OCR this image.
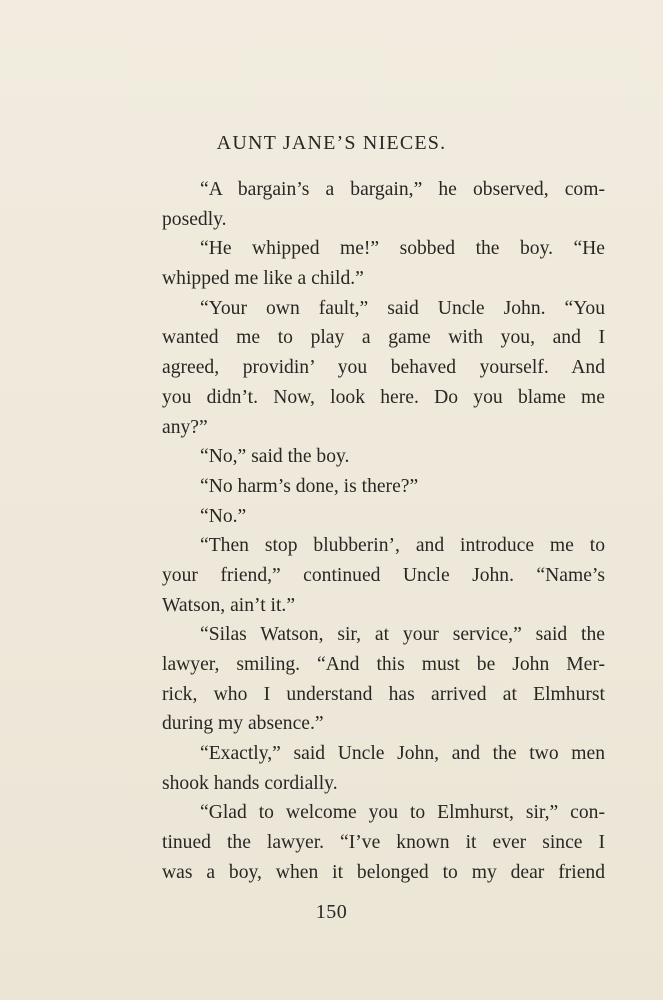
AUNT JANE’S NIECES.
“A bargain’s a bargain,” he observed, com-
posedly.
“He whipped me!” sobbed the boy. “He
whipped me like a child.”
“Your own fault,” said Uncle John. “You
wanted me to play a game with you, and I
agreed, providin’ you behaved yourself. And
you didn’t. Now, look here. Do you blame me
any?”
“No,” said the boy.
“No harm’s done, is there?”
“No.”
“Then stop blubberin’, and introduce me to
your friend,” continued Uncle John. “Name’s
Watson, ain’t it.”
“Silas Watson, sir, at your service,” said the
lawyer, smiling. “And this must be John Mer-
rick, who I understand has arrived at Elmhurst
during my absence.”
“Exactly,” said Uncle John, and the two men
shook hands cordially.
“Glad to welcome you to Elmhurst, sir,” con-
tinued the lawyer. “I’ve known it ever since I
was a boy, when it belonged to my dear friend
150
